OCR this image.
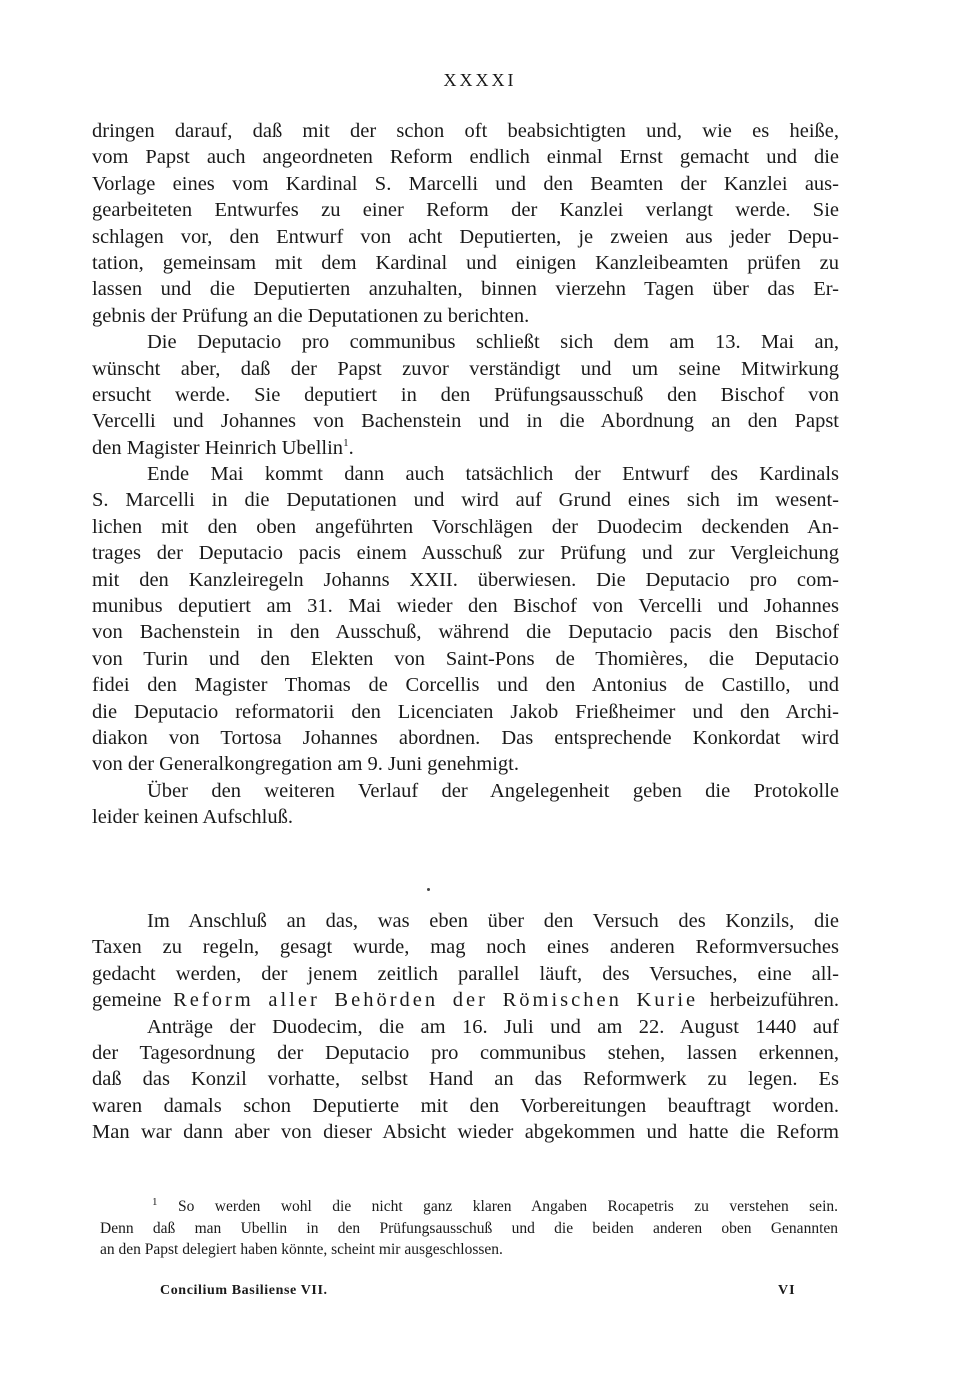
XXXXI
dringen darauf, daß mit der schon oft beabsichtigten und, wie es heiße,
vom Papst auch angeordneten Reform endlich einmal Ernst gemacht und die
Vorlage eines vom Kardinal S. Marcelli und den Beamten der Kanzlei aus-
gearbeiteten Entwurfes zu einer Reform der Kanzlei verlangt werde. Sie
schlagen vor, den Entwurf von acht Deputierten, je zweien aus jeder Depu-
tation, gemeinsam mit dem Kardinal und einigen Kanzleibeamten prüfen zu
lassen und die Deputierten anzuhalten, binnen vierzehn Tagen über das Er-
gebnis der Prüfung an die Deputationen zu berichten.
Die Deputacio pro communibus schließt sich dem am 13. Mai an,
wünscht aber, daß der Papst zuvor verständigt und um seine Mitwirkung
ersucht werde. Sie deputiert in den Prüfungsausschuß den Bischof von
Vercelli und Johannes von Bachenstein und in die Abordnung an den Papst
den Magister Heinrich Ubellin$^1$.
Ende Mai kommt dann auch tatsächlich der Entwurf des Kardinals
S. Marcelli in die Deputationen und wird auf Grund eines sich im wesent-
lichen mit den oben angeführten Vorschlägen der Duodecim deckenden An-
trages der Deputacio pacis einem Ausschuß zur Prüfung und zur Vergleichung
mit den Kanzleiregeln Johanns XXII. überwiesen. Die Deputacio pro com-
munibus deputiert am 31. Mai wieder den Bischof von Vercelli und Johannes
von Bachenstein in den Ausschuß, während die Deputacio pacis den Bischof
von Turin und den Elekten von Saint-Pons de Thomières, die Deputacio
fidei den Magister Thomas de Corcellis und den Antonius de Castillo, und
die Deputacio reformatorii den Licenciaten Jakob Frießheimer und den Archi-
diakon von Tortosa Johannes abordnen. Das entsprechende Konkordat wird
von der Generalkongregation am 9. Juni genehmigt.
Über den weiteren Verlauf der Angelegenheit geben die Protokolle
leider keinen Aufschluß.
Im Anschluß an das, was eben über den Versuch des Konzils, die
Taxen zu regeln, gesagt wurde, mag noch eines anderen Reformversuches
gedacht werden, der jenem zeitlich parallel läuft, des Versuches, eine all-
gemeine Reform aller Behörden der Römischen Kurie herbeizuführen.
Anträge der Duodecim, die am 16. Juli und am 22. August 1440 auf
der Tagesordnung der Deputacio pro communibus stehen, lassen erkennen,
daß das Konzil vorhatte, selbst Hand an das Reformwerk zu legen. Es
waren damals schon Deputierte mit den Vorbereitungen beauftragt worden.
Man war dann aber von dieser Absicht wieder abgekommen und hatte die Reform
$^1$ So werden wohl die nicht ganz klaren Angaben Rocapetris zu verstehen sein.
Denn daß man Ubellin in den Prüfungsausschuß und die beiden anderen oben Genannten
an den Papst delegiert haben könnte, scheint mir ausgeschlossen.
Concilium Basiliense VII.	VI
